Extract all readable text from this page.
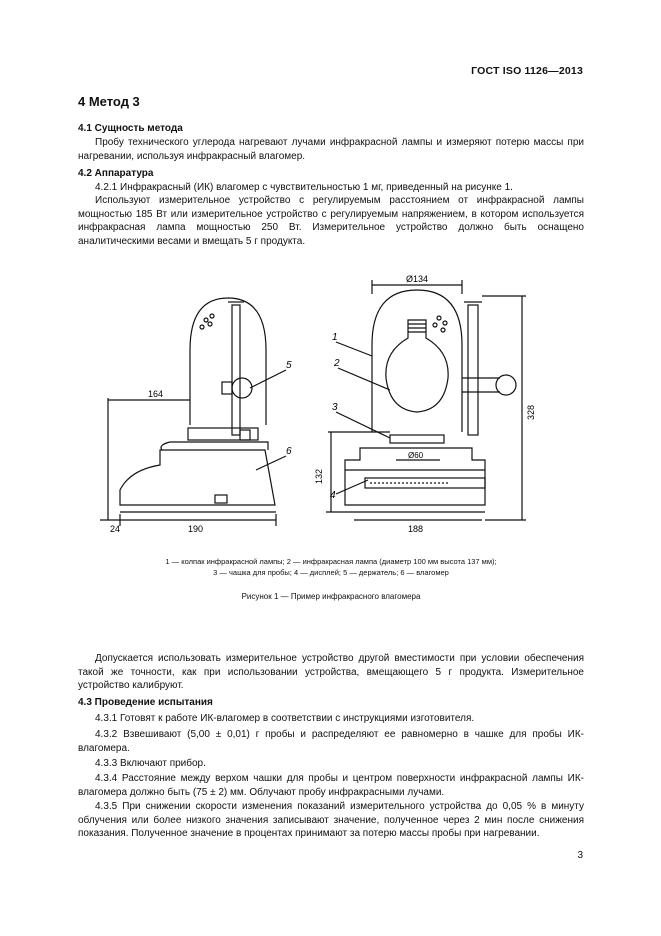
ГОСТ ISO 1126—2013
4 Метод 3
4.1 Сущность метода
Пробу технического углерода нагревают лучами инфракрасной лампы и измеряют потерю массы при нагревании, используя инфракрасный влагомер.
4.2 Аппаратура
4.2.1 Инфракрасный (ИК) влагомер с чувствительностью 1 мг, приведенный на рисунке 1.
Используют измерительное устройство с регулируемым расстоянием от инфракрасной лампы мощностью 185 Вт или измерительное устройство с регулируемым напряжением, в котором используется инфракрасная лампа мощностью 250 Вт. Измерительное устройство должно быть оснащено аналитическими весами и вмещать 5 г продукта.
Ø134
164
Ø60
132
24	190	188
328
1
2
3
4
5
6
1 — колпак инфракрасной лампы; 2 — инфракрасная лампа (диаметр 100 мм высота 137 мм);
3 — чашка для пробы; 4 — дисплей; 5 — держатель; 6 — влагомер
Рисунок 1 — Пример инфракрасного влагомера
Допускается использовать измерительное устройство другой вместимости при условии обеспечения такой же точности, как при использовании устройства, вмещающего 5 г продукта. Измерительное устройство калибруют.
4.3 Проведение испытания
4.3.1 Готовят к работе ИК-влагомер в соответствии с инструкциями изготовителя.
4.3.2 Взвешивают (5,00 ± 0,01) г пробы и распределяют ее равномерно в чашке для пробы ИК-влагомера.
4.3.3 Включают прибор.
4.3.4 Расстояние между верхом чашки для пробы и центром поверхности инфракрасной лампы ИК-влагомера должно быть (75 ± 2) мм. Облучают пробу инфракрасными лучами.
4.3.5 При снижении скорости изменения показаний измерительного устройства до 0,05 % в минуту облучения или более низкого значения записывают значение, полученное через 2 мин после снижения показания. Полученное значение в процентах принимают за потерю массы пробы при нагревании.
3
